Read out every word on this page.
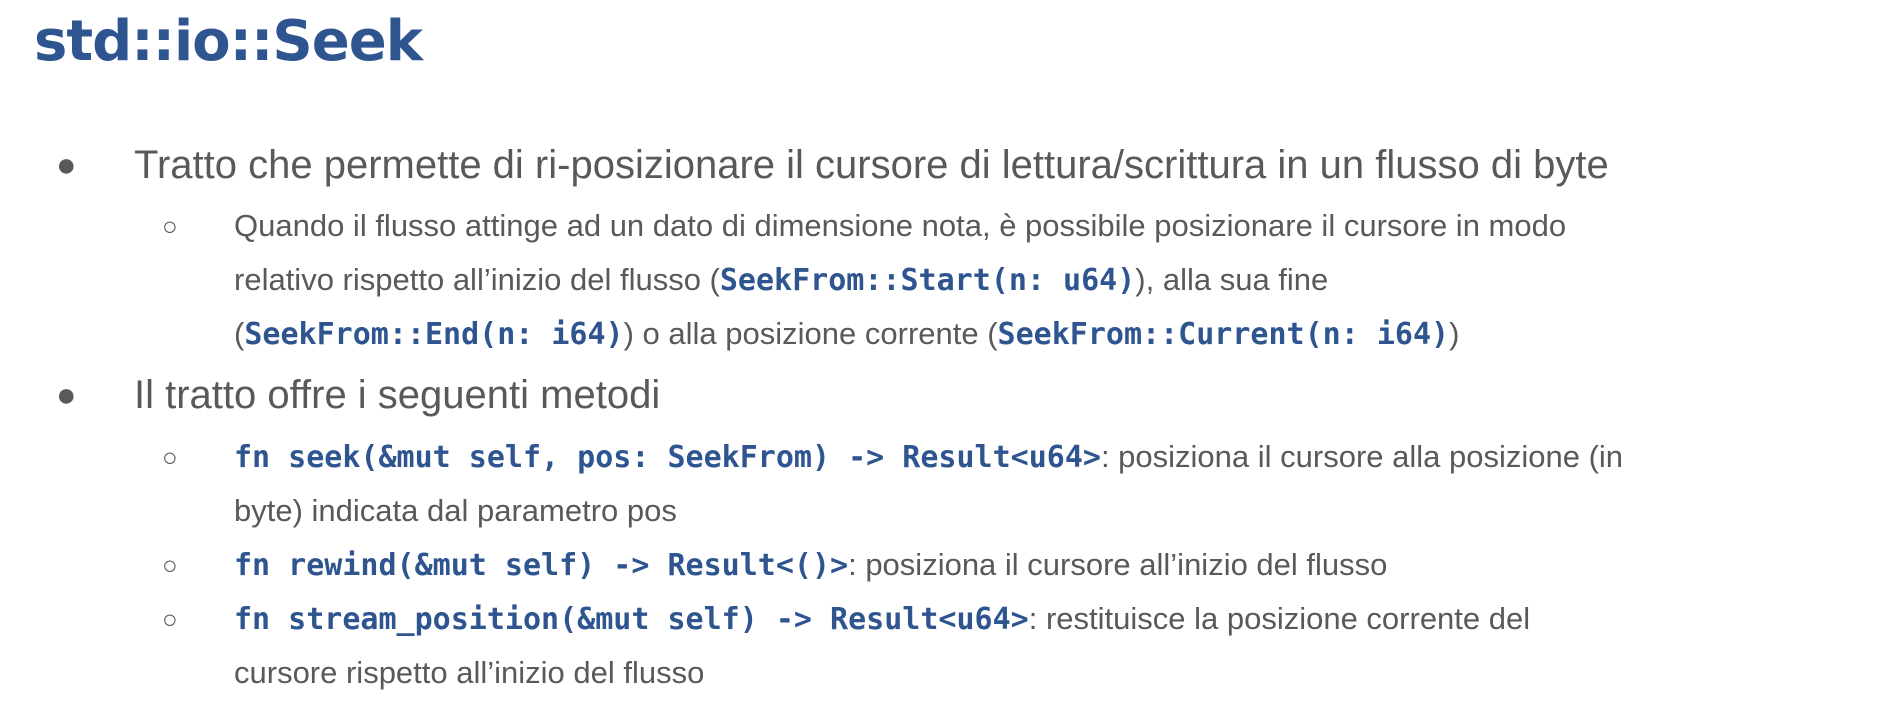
std::io::Seek
● Tratto che permette di ri-posizionare il cursore di lettura/scrittura in un flusso di byte
○ Quando il flusso attinge ad un dato di dimensione nota, è possibile posizionare il cursore in modo
relativo rispetto all’inizio del flusso (SeekFrom::Start(n: u64)), alla sua fine
(SeekFrom::End(n: i64)) o alla posizione corrente (SeekFrom::Current(n: i64))
● Il tratto offre i seguenti metodi
○ fn seek(&mut self, pos: SeekFrom) -> Result<u64>: posiziona il cursore alla posizione (in
byte) indicata dal parametro pos
○ fn rewind(&mut self) -> Result<()>: posiziona il cursore all’inizio del flusso
○ fn stream_position(&mut self) -> Result<u64>: restituisce la posizione corrente del
cursore rispetto all’inizio del flusso
